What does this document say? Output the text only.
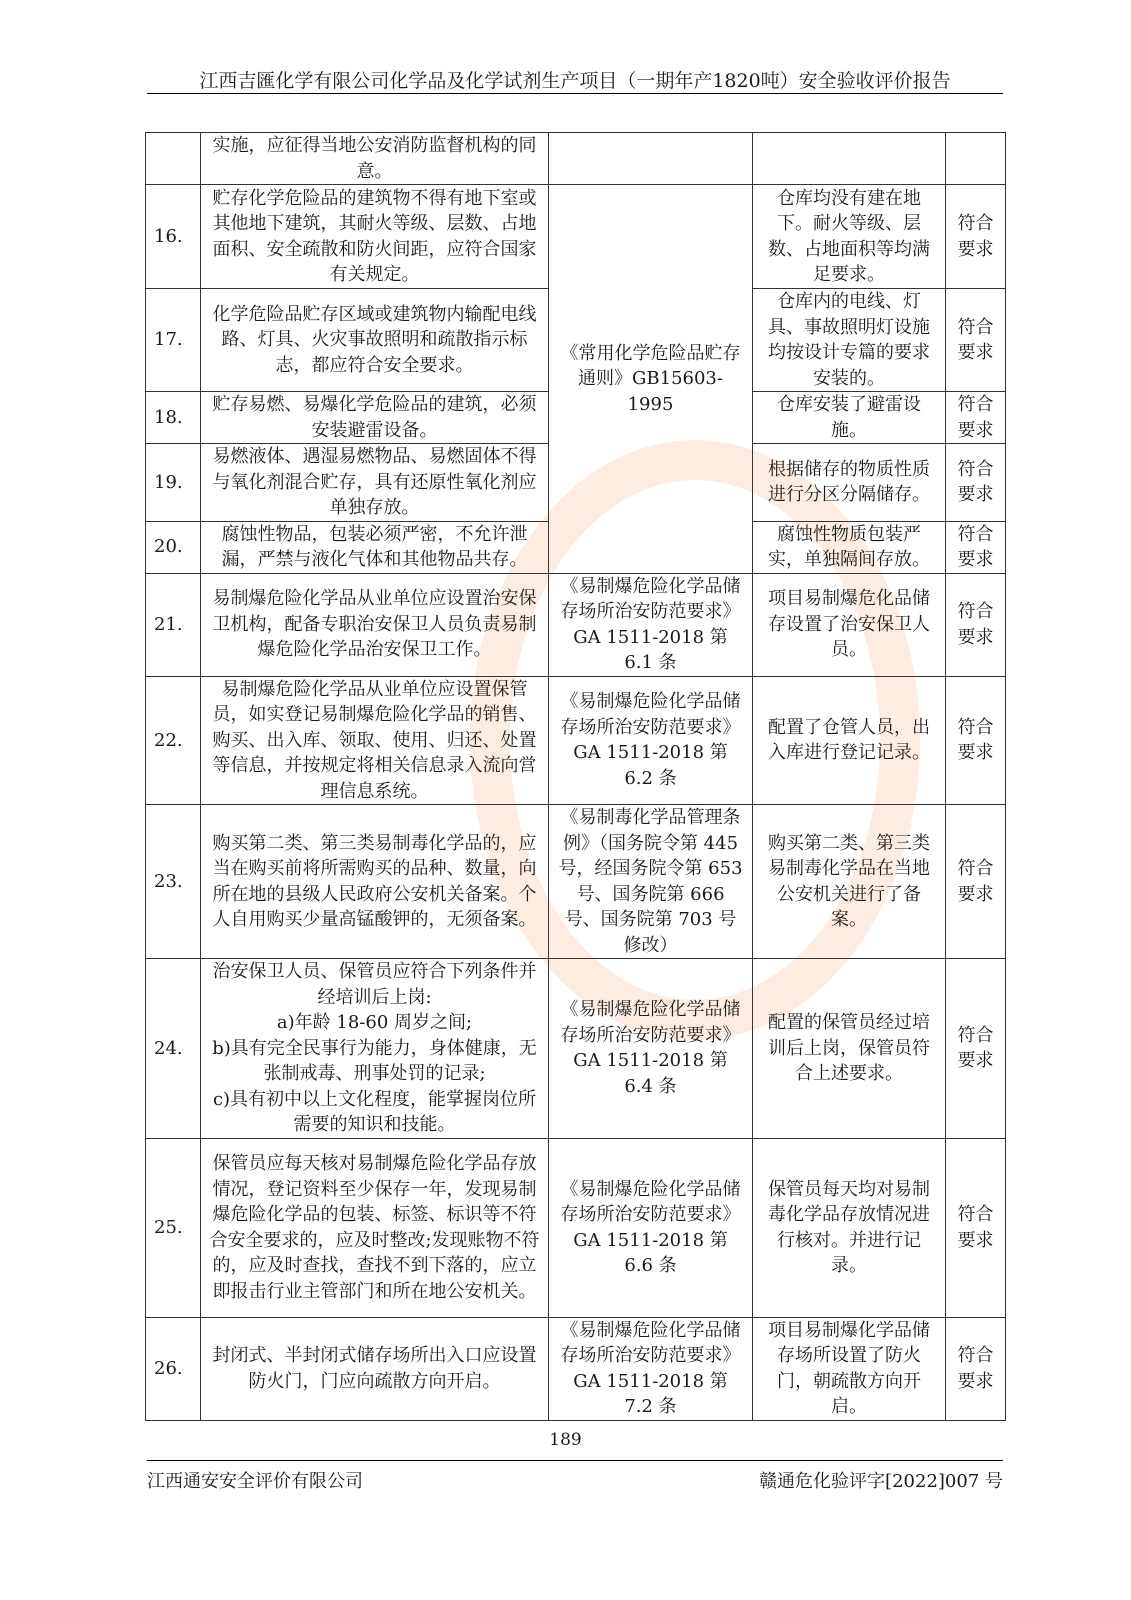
江西吉匯化学有限公司化学品及化学试剂生产项目（一期年产1820吨）安全验收评价报告
	实施，应征得当地公安消防监督机构的同意。			
16.	贮存化学危险品的建筑物不得有地下室或其他地下建筑，其耐火等级、层数、占地面积、安全疏散和防火间距，应符合国家有关规定。	《常用化学危险品贮存通则》GB15603-1995	仓库均没有建在地下。耐火等级、层数、占地面积等均满足要求。	符合要求
17.	化学危险品贮存区域或建筑物内输配电线路、灯具、火灾事故照明和疏散指示标志，都应符合安全要求。		仓库内的电线、灯具、事故照明灯设施均按设计专篇的要求安装的。	符合要求
18.	贮存易燃、易爆化学危险品的建筑，必须安装避雷设备。		仓库安装了避雷设施。	符合要求
19.	易燃液体、遇湿易燃物品、易燃固体不得与氧化剂混合贮存，具有还原性氧化剂应单独存放。		根据储存的物质性质进行分区分隔储存。	符合要求
20.	腐蚀性物品，包装必须严密，不允许泄漏，严禁与液化气体和其他物品共存。		腐蚀性物质包装严实，单独隔间存放。	符合要求
21.	易制爆危险化学品从业单位应设置治安保卫机构，配备专职治安保卫人员负责易制爆危险化学品治安保卫工作。	《易制爆危险化学品储存场所治安防范要求》GA 1511-2018 第 6.1 条	项目易制爆危化品储存设置了治安保卫人员。	符合要求
22.	易制爆危险化学品从业单位应设置保管员，如实登记易制爆危险化学品的销售、购买、出入库、领取、使用、归还、处置等信息，并按规定将相关信息录入流向営理信息系统。	《易制爆危险化学品储存场所治安防范要求》GA 1511-2018 第 6.2 条	配置了仓管人员，出入库进行登记记录。	符合要求
23.	购买第二类、第三类易制毒化学品的，应当在购买前将所需购买的品种、数量，向所在地的县级人民政府公安机关备案。个人自用购买少量高锰酸钾的，无须备案。	《易制毒化学品管理条例》（国务院令第 445 号，经国务院令第 653 号、国务院第 666 号、国务院第 703 号修改）	购买第二类、第三类易制毒化学品在当地公安机关进行了备案。	符合要求
24.	治安保卫人员、保管员应符合下列条件并经培训后上岗:
a)年龄 18-60 周岁之间;
b)具有完全民事行为能力，身体健康，无张制戒毒、刑事处罚的记录;
c)具有初中以上文化程度，能掌握岗位所需要的知识和技能。	《易制爆危险化学品储存场所治安防范要求》GA 1511-2018 第 6.4 条	配置的保管员经过培训后上岗，保管员符合上述要求。	符合要求
25.	保管员应每天核对易制爆危险化学品存放情况，登记资料至少保存一年，发现易制爆危险化学品的包装、标签、标识等不符合安全要求的，应及时整改;发现账物不符的，应及时查找，查找不到下落的，应立即报击行业主管部门和所在地公安机关。	《易制爆危险化学品储存场所治安防范要求》GA 1511-2018 第 6.6 条	保管员每天均对易制毒化学品存放情况进行核对。并进行记录。	符合要求
26.	封闭式、半封闭式储存场所出入口应设置防火门，门应向疏散方向开启。	《易制爆危险化学品储存场所治安防范要求》GA 1511-2018 第 7.2 条	项目易制爆化学品储存场所设置了防火门，朝疏散方向开启。	符合要求
189
江西通安安全评价有限公司	赣通危化验评字[2022]007 号
